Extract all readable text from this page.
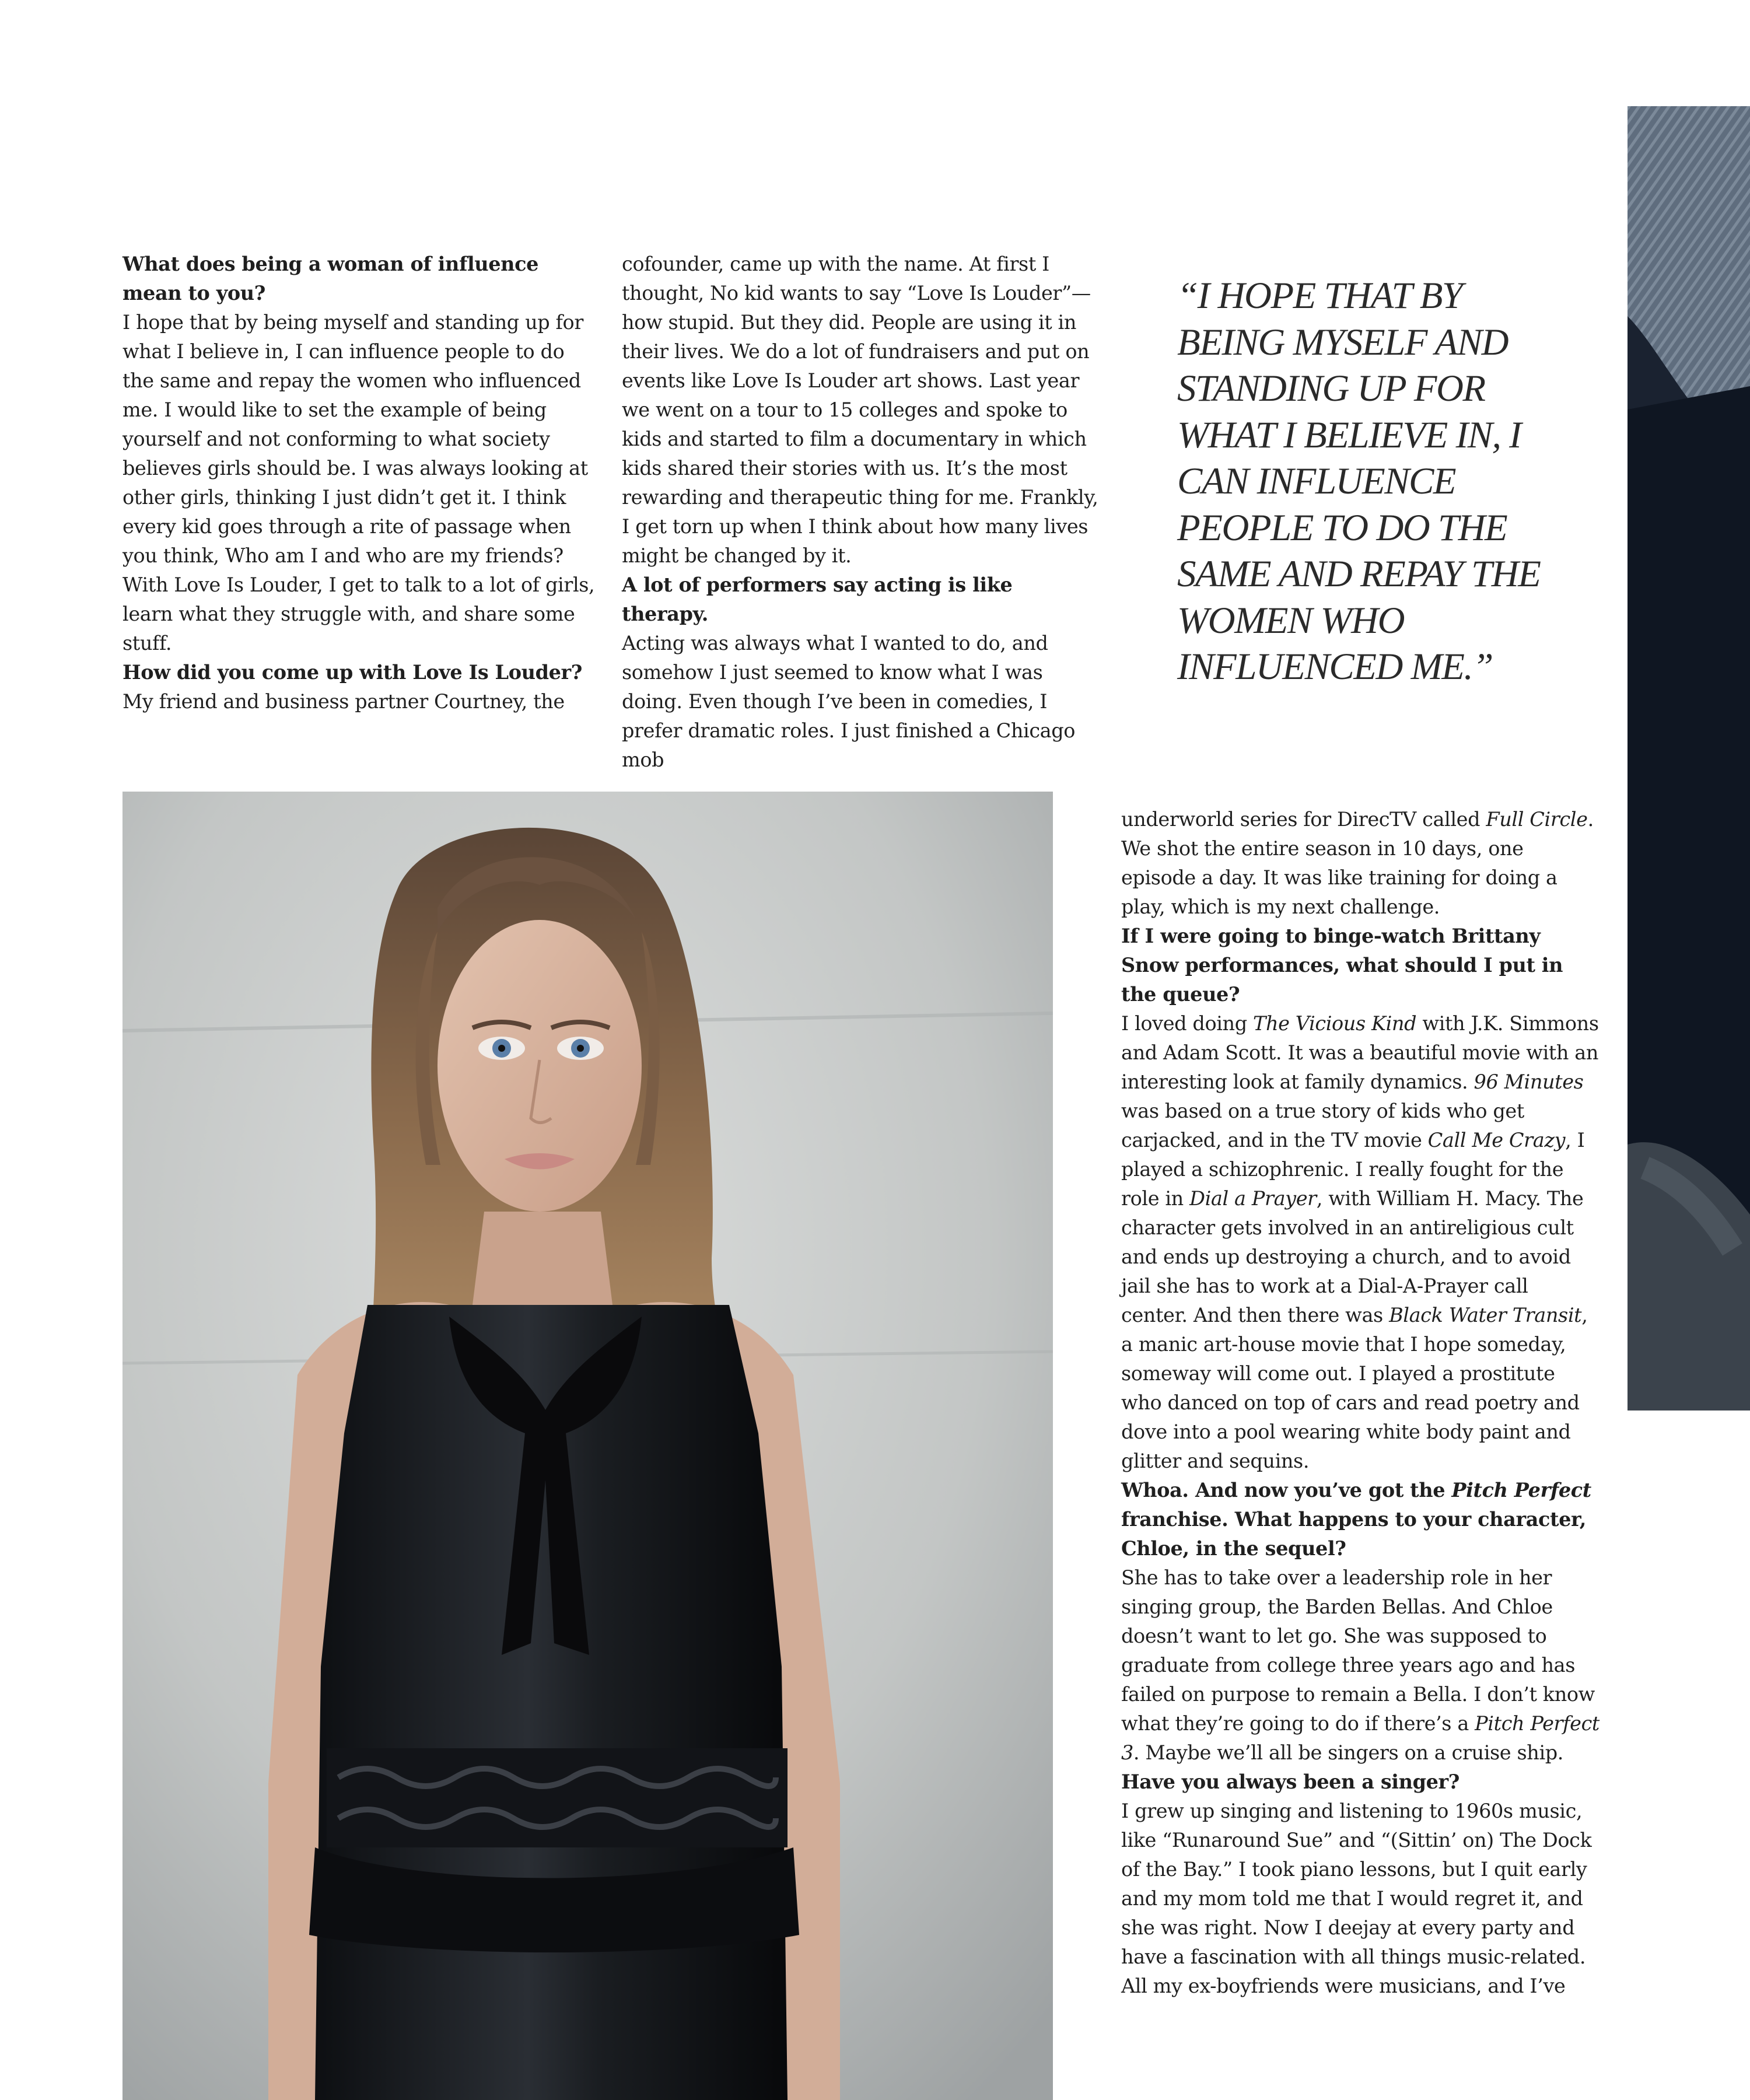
What does being a woman of influence mean to you?

I hope that by being myself and standing up for what I believe in, I can influence people to do the same and repay the women who influenced me. I would like to set the example of being yourself and not conforming to what society believes girls should be. I was always looking at other girls, thinking I just didn’t get it. I think every kid goes through a rite of passage when you think, Who am I and who are my friends? With Love Is Louder, I get to talk to a lot of girls, learn what they struggle with, and share some stuff.

How did you come up with Love Is Louder?

My friend and business partner Courtney, the

cofounder, came up with the name. At first I thought, No kid wants to say “Love Is Louder”—how stupid. But they did. People are using it in their lives. We do a lot of fundraisers and put on events like Love Is Louder art shows. Last year we went on a tour to 15 colleges and spoke to kids and started to film a documentary in which kids shared their stories with us. It’s the most rewarding and therapeutic thing for me. Frankly, I get torn up when I think about how many lives might be changed by it.

A lot of performers say acting is like therapy.

Acting was always what I wanted to do, and somehow I just seemed to know what I was doing. Even though I’ve been in comedies, I prefer dramatic roles. I just finished a Chicago mob

“I HOPE THAT BY BEING MYSELF AND STANDING UP FOR WHAT I BELIEVE IN, I CAN INFLUENCE PEOPLE TO DO THE SAME AND REPAY THE WOMEN WHO INFLUENCED ME.”

underworld series for DirecTV called Full Circle. We shot the entire season in 10 days, one episode a day. It was like training for doing a play, which is my next challenge.

If I were going to binge-watch Brittany Snow performances, what should I put in the queue?

I loved doing The Vicious Kind with J.K. Simmons and Adam Scott. It was a beautiful movie with an interesting look at family dynamics. 96 Minutes was based on a true story of kids who get carjacked, and in the TV movie Call Me Crazy, I played a schizophrenic. I really fought for the role in Dial a Prayer, with William H. Macy. The character gets involved in an antireligious cult and ends up destroying a church, and to avoid jail she has to work at a Dial-A-Prayer call center. And then there was Black Water Transit, a manic art-house movie that I hope someday, someway will come out. I played a prostitute who danced on top of cars and read poetry and dove into a pool wearing white body paint and glitter and sequins.

Whoa. And now you’ve got the Pitch Perfect franchise. What happens to your character, Chloe, in the sequel?

She has to take over a leadership role in her singing group, the Barden Bellas. And Chloe doesn’t want to let go. She was supposed to graduate from college three years ago and has failed on purpose to remain a Bella. I don’t know what they’re going to do if there’s a Pitch Perfect 3. Maybe we’ll all be singers on a cruise ship.

Have you always been a singer?

I grew up singing and listening to 1960s music, like “Runaround Sue” and “(Sittin’ on) The Dock of the Bay.” I took piano lessons, but I quit early and my mom told me that I would regret it, and she was right. Now I deejay at every party and have a fascination with all things music-related. All my ex-boyfriends were musicians, and I’ve
